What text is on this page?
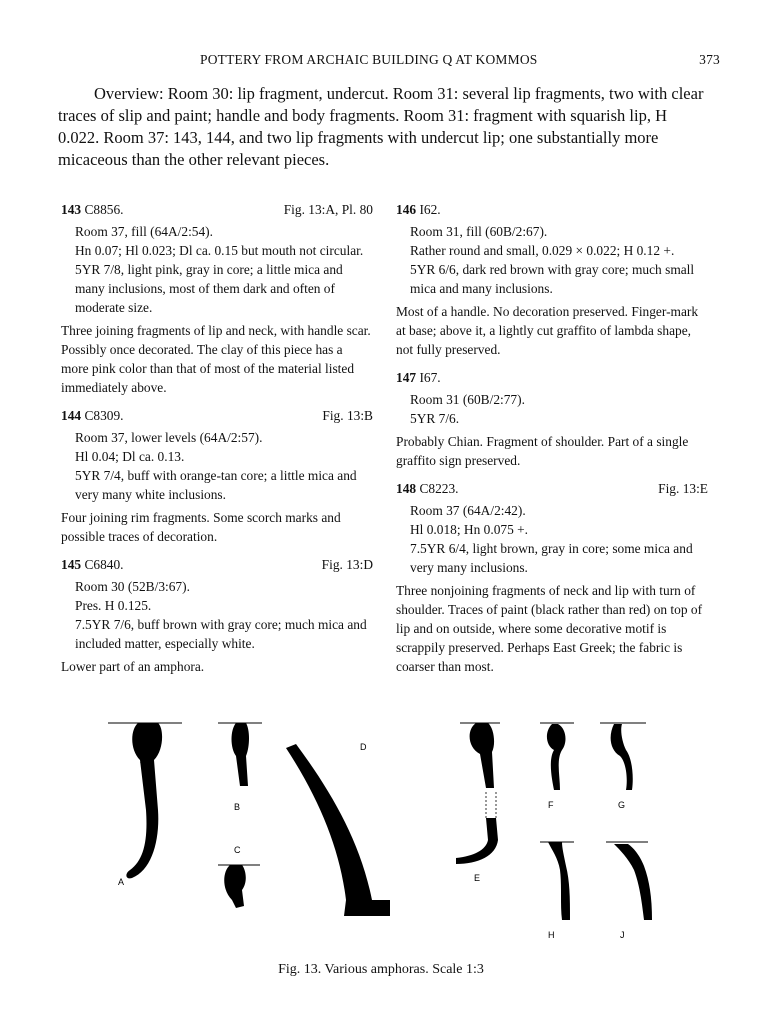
POTTERY FROM ARCHAIC BUILDING Q AT KOMMOS	373

Overview: Room 30: lip fragment, undercut. Room 31: several lip fragments, two with clear traces of slip and paint; handle and body fragments. Room 31: fragment with squarish lip, H 0.022. Room 37: 143, 144, and two lip fragments with undercut lip; one substantially more micaceous than the other relevant pieces.

143 C8856.	Fig. 13:A, Pl. 80

Room 37, fill (64A/2:54).

Hn 0.07; Hl 0.023; Dl ca. 0.15 but mouth not circular.

5YR 7/8, light pink, gray in core; a little mica and many inclusions, most of them dark and often of moderate size.

Three joining fragments of lip and neck, with handle scar. Possibly once decorated. The clay of this piece has a more pink color than that of most of the material listed immediately above.

144 C8309.	Fig. 13:B

Room 37, lower levels (64A/2:57).

Hl 0.04; Dl ca. 0.13.

5YR 7/4, buff with orange-tan core; a little mica and very many white inclusions.

Four joining rim fragments. Some scorch marks and possible traces of decoration.

145 C6840.	Fig. 13:D

Room 30 (52B/3:67).

Pres. H 0.125.

7.5YR 7/6, buff brown with gray core; much mica and included matter, especially white.

Lower part of an amphora.

146 I62.

Room 31, fill (60B/2:67).

Rather round and small, 0.029 × 0.022; H 0.12 +.

5YR 6/6, dark red brown with gray core; much small mica and many inclusions.

Most of a handle. No decoration preserved. Finger-mark at base; above it, a lightly cut graffito of lambda shape, not fully preserved.

147 I67.

Room 31 (60B/2:77).

5YR 7/6.

Probably Chian. Fragment of shoulder. Part of a single graffito sign preserved.

148 C8223.	Fig. 13:E

Room 37 (64A/2:42).

Hl 0.018; Hn 0.075 +.

7.5YR 6/4, light brown, gray in core; some mica and very many inclusions.

Three nonjoining fragments of neck and lip with turn of shoulder. Traces of paint (black rather than red) on top of lip and on outside, where some decorative motif is scrappily preserved. Perhaps East Greek; the fabric is coarser than most.

A
B
C
D
E
F	G
H	J
Fig. 13. Various amphoras. Scale 1:3
